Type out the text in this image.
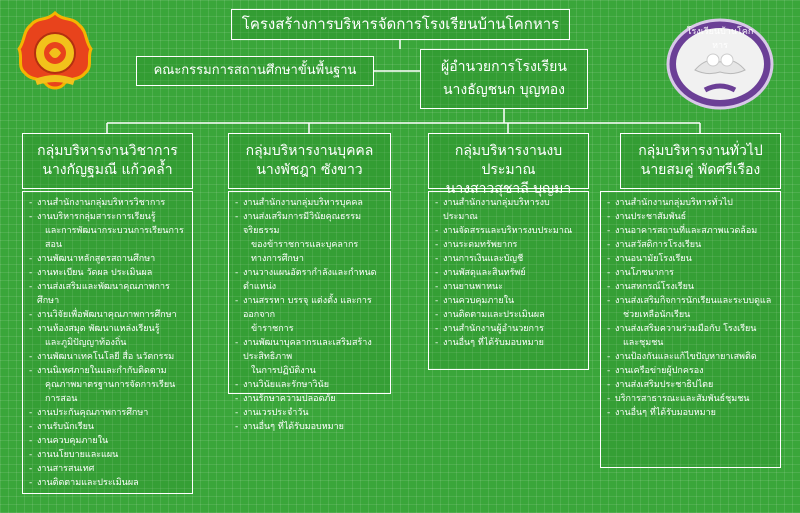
โรงเรียนบ้านโคกหาร
โครงสร้างการบริหารจัดการโรงเรียนบ้านโคกหาร
คณะกรรมการสถานศึกษาขั้นพื้นฐาน	ผู้อำนวยการโรงเรียน
นางธัญชนก บุญทอง
กลุ่มบริหารงานวิชาการ
นางกัญฐมณี แก้วคล้ำ
กลุ่มบริหารงานบุคคล
นางพัชฎา ซังขาว
กลุ่มบริหารงานงบประมาณ
นางสาวสุชาลี บุญมา
กลุ่มบริหารงานทั่วไป
นายสมคู่ พัดศรีเรือง
- งานสำนักงานกลุ่มบริหารวิชาการ
- งานบริหารกลุ่มสาระการเรียนรู้
และการพัฒนากระบวนการเรียนการสอน
- งานพัฒนาหลักสูตรสถานศึกษา
- งานทะเบียน วัดผล ประเมินผล
- งานส่งเสริมและพัฒนาคุณภาพการศึกษา
- งานวิจัยเพื่อพัฒนาคุณภาพการศึกษา
- งานห้องสมุด พัฒนาแหล่งเรียนรู้
และภูมิปัญญาท้องถิ่น
- งานพัฒนาเทคโนโลยี สื่อ นวัตกรรม
- งานนิเทศภายในและกำกับติดตาม
คุณภาพมาตรฐานการจัดการเรียนการสอน
- งานประกันคุณภาพการศึกษา
- งานรับนักเรียน
- งานควบคุมภายใน
- งานนโยบายและแผน
- งานสารสนเทศ
- งานติดตามและประเมินผล
- งานสำนักงานกลุ่มบริหารบุคคล
- งานส่งเสริมการมีวินัยคุณธรรมจริยธรรม
ของข้าราชการและบุคลากรทางการศึกษา
- งานวางแผนอัตรากำลังและกำหนดตำแหน่ง
- งานสรรหา บรรจุ แต่งตั้ง และการออกจาก
ข้าราชการ
- งานพัฒนาบุคลากรและเสริมสร้างประสิทธิภาพ
ในการปฏิบัติงาน
- งานวินัยและรักษาวินัย
- งานรักษาความปลอดภัย
- งานเวรประจำวัน
- งานอื่นๆ ที่ได้รับมอบหมาย
- งานสำนักงานกลุ่มบริหารงบประมาณ
- งานจัดสรรและบริหารงบประมาณ
- งานระดมทรัพยากร
- งานการเงินและบัญชี
- งานพัสดุและสินทรัพย์
- งานยานพาหนะ
- งานควบคุมภายใน
- งานติดตามและประเมินผล
- งานสำนักงานผู้อำนวยการ
- งานอื่นๆ ที่ได้รับมอบหมาย
- งานสำนักงานกลุ่มบริหารทั่วไป
- งานประชาสัมพันธ์
- งานอาคารสถานที่และสภาพแวดล้อม
- งานสวัสดิการโรงเรียน
- งานอนามัยโรงเรียน
- งานโภชนาการ
- งานสหกรณ์โรงเรียน
- งานส่งเสริมกิจการนักเรียนและระบบดูแล
ช่วยเหลือนักเรียน
- งานส่งเสริมความร่วมมือกับ โรงเรียน
และชุมชน
- งานป้องกันและแก้ไขปัญหายาเสพติด
- งานเครือข่ายผู้ปกครอง
- งานส่งเสริมประชาธิปไตย
- บริการสาธารณะและสัมพันธ์ชุมชน
- งานอื่นๆ ที่ได้รับมอบหมาย
